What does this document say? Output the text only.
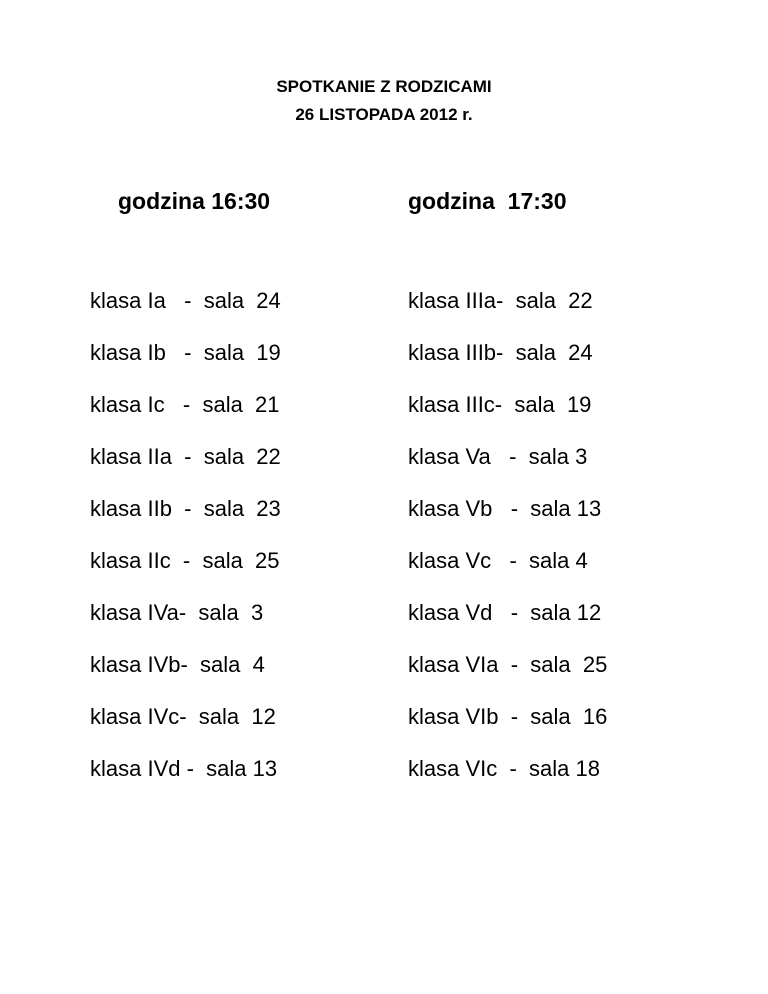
SPOTKANIE Z RODZICAMI
26 LISTOPADA 2012 r.
godzina 16:30	godzina  17:30
klasa Ia   -  sala  24
klasa Ib   -  sala  19
klasa Ic   -  sala  21
klasa IIa  -  sala  22
klasa IIb  -  sala  23
klasa IIc  -  sala  25
klasa IVa-  sala  3
klasa IVb-  sala  4
klasa IVc-  sala  12
klasa IVd -  sala 13
klasa IIIa-  sala  22
klasa IIIb-  sala  24
klasa IIIc-  sala  19
klasa Va   -  sala 3
klasa Vb   -  sala 13
klasa Vc   -  sala 4
klasa Vd   -  sala 12
klasa VIa  -  sala  25
klasa VIb  -  sala  16
klasa VIc  -  sala 18
